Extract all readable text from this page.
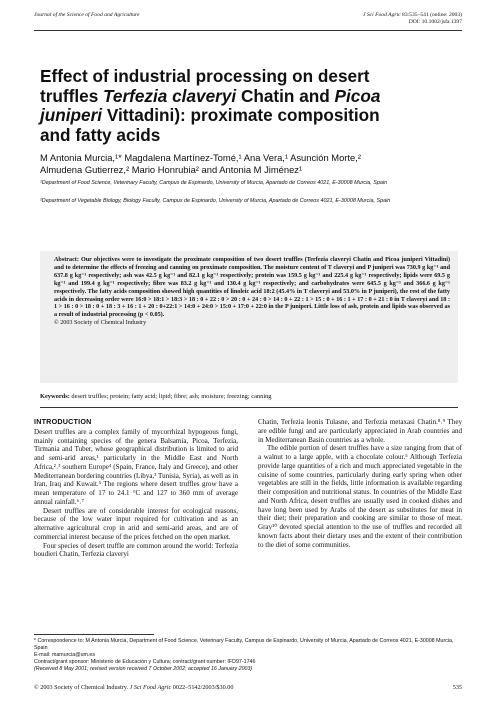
Journal of the Science of Food and Agriculture	J Sci Food Agric 83:535–541 (online: 2003)
DOI: 10.1002/jsfa.1397
Effect of industrial processing on desert
truffles Terfezia claveryi Chatin and Picoa
juniperi Vittadini): proximate composition
and fatty acids
M Antonia Murcia,¹* Magdalena Martínez-Tomé,¹ Ana Vera,¹ Asunción Morte,²
Almudena Gutierrez,² Mario Honrubia² and Antonia M Jiménez¹
¹Department of Food Science, Veterinary Faculty, Campus de Espinardo, University of Murcia, Apartado de Correos 4021, E-30008 Murcia, Spain
²Department of Vegetable Biology, Biology Faculty, Campus de Espinardo, University of Murcia, Apartado de Correos 4021, E-30008 Murcia, Spain
Abstract: Our objectives were to investigate the proximate composition of two desert truffles (Terfezia claveryi Chatin and Picoa juniperi Vittadini) and to determine the effects of freezing and canning on proximate composition. The moisture content of T claveryi and P juniperi was 730.9 g kg⁻¹ and 637.8 g kg⁻¹ respectively; ash was 42.5 g kg⁻¹ and 82.1 g kg⁻¹ respectively; protein was 159.5 g kg⁻¹ and 225.4 g kg⁻¹ respectively; lipids were 69.5 g kg⁻¹ and 199.4 g kg⁻¹ respectively; fibre was 83.2 g kg⁻¹ and 130.4 g kg⁻¹ respectively; and carbohydrates were 645.5 g kg⁻¹ and 366.6 g kg⁻¹ respectively. The fatty acids composition showed high quantities of linoleic acid 18:2 (45.4% in T claveryi and 53.0% in P juniperi), the rest of the fatty acids in decreasing order were 16:0 > 18:1 > 18:3 > 18 : 0 + 22 : 0 > 20 : 0 + 24 : 0 > 14 : 0 + 22 : 1 > 15 : 0 + 16 : 1 + 17 : 0 + 21 : 0 in T claveryi and 18 : 1 > 16 : 0 > 18 : 0 + 18 : 3 + 16 : 1 + 20 : 0+22:1 > 14:0 + 24:0 > 15:0 + 17:0 + 22:0 in the P juniperi. Little loss of ash, protein and lipids was observed as a result of industrial processing (p < 0.05).
© 2003 Society of Chemical Industry
Keywords: desert truffles; protein; fatty acid; lipid; fibre; ash; moisture; freezing; canning
INTRODUCTION

Desert truffles are a complex family of mycorrhizal hypogeous fungi, mainly containing species of the genera Balsamia, Picoa, Terfezia, Tirmania and Tuber, whose geographical distribution is limited to arid and semi-arid areas,¹ particularly in the Middle East and North Africa,²˒³ southern Europe⁴ (Spain, France, Italy and Greece), and other Mediterranean bordering countries (Libya,³ Tunisia, Syria), as well as in Iran, Iraq and Kuwait.⁵ The regions where desert truffles grow have a mean temperature of 17 to 24.1 °C and 127 to 360 mm of average annual rainfall.⁶˒⁷

Desert truffles are of considerable interest for ecological reasons, because of the low water input required for cultivation and as an alternative agricultural crop in arid and semi-arid areas, and are of commercial interest because of the prices fetched on the open market.

Four species of desert truffle are common around the world: Terfezia boudieri Chatin, Terfezia claveryi

Chatin, Terfezia leonis Tulasne, and Terfezia metaxasi Chatin.⁸˒⁹ They are edible fungi and are particularly appreciated in Arab countries and in Mediterranean Basin countries as a whole.

The edible portion of desert truffles have a size ranging from that of a walnut to a large apple, with a chocolate colour.⁵ Although Terfezia provide large quantities of a rich and much appreciated vegetable in the cuisine of some countries, particularly during early spring when other vegetables are still in the fields, little information is available regarding their composition and nutritional status. In countries of the Middle East and North Africa, desert truffles are usually used in cooked dishes and have long been used by Arabs of the desert as substitutes for meat in their diet; their preparation and cooking are similar to those of meat. Gray¹⁰ devoted special attention to the use of truffles and recorded all known facts about their dietary uses and the extent of their contribution to the diet of some communities.

* Correspondence to: M Antonia Murcia, Department of Food Science, Veterinary Faculty, Campus de Espinardo, University of Murcia, Apartado de Correos 4021, E-30008 Murcia, Spain
E-mail: mamurcia@um.es
Contract/grant sponsor: Ministerio de Educación y Cultura; contract/grant number: IFD97-1746
(Received 8 May 2001; revised version received 7 October 2002; accepted 16 January 2003)
© 2003 Society of Chemical Industry. J Sci Food Agric 0022–5142/2003/$30.00	535
